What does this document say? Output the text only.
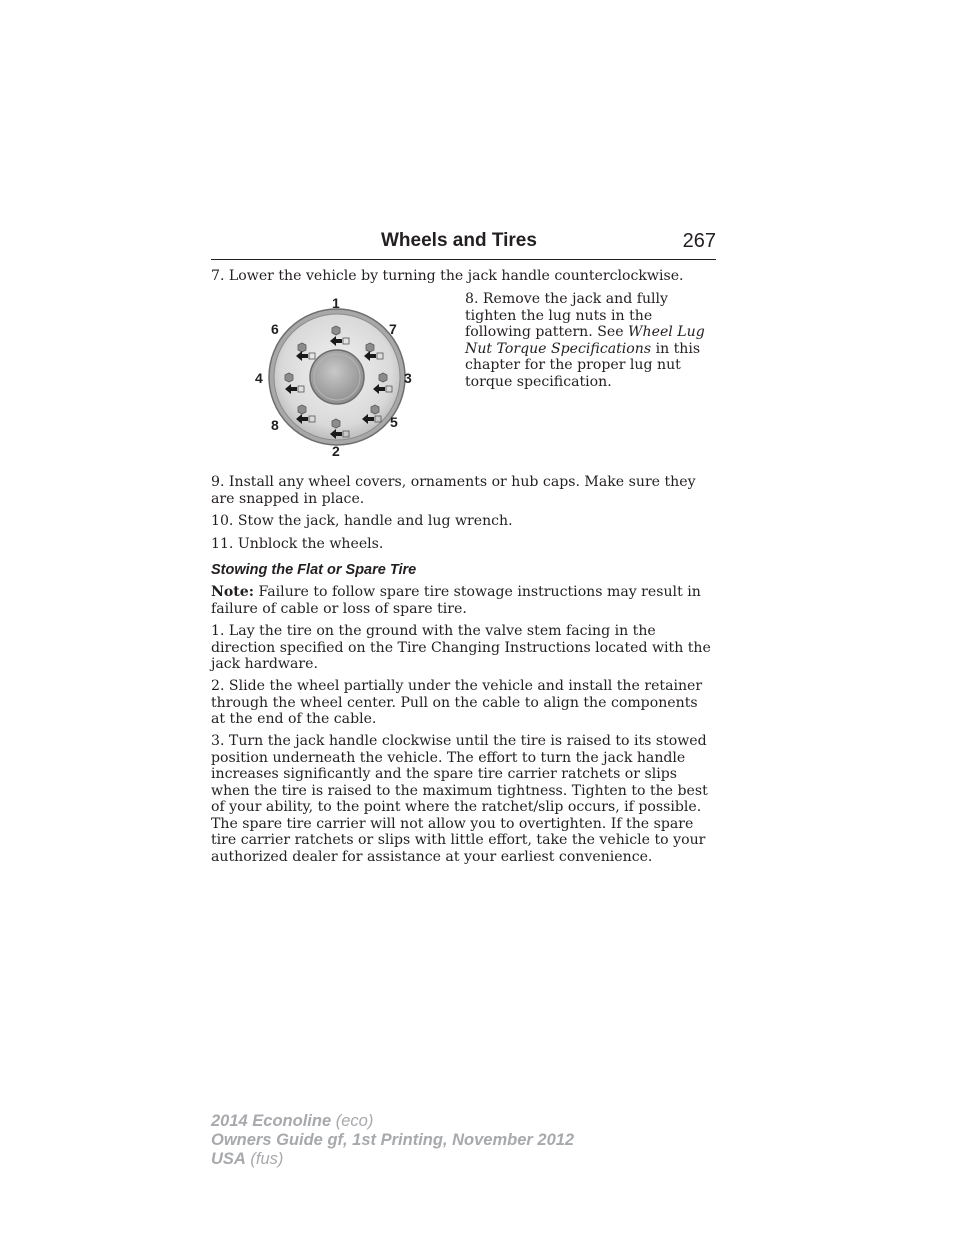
Wheels and Tires	267

7. Lower the vehicle by turning the jack handle counterclockwise.

1
2
3
4
5
6	7
8

8. Remove the jack and fully tighten the lug nuts in the following pattern. See Wheel Lug Nut Torque Specifications in this chapter for the proper lug nut torque specification.

9. Install any wheel covers, ornaments or hub caps. Make sure they are snapped in place.

10. Stow the jack, handle and lug wrench.

11. Unblock the wheels.

Stowing the Flat or Spare Tire

Note: Failure to follow spare tire stowage instructions may result in failure of cable or loss of spare tire.

1. Lay the tire on the ground with the valve stem facing in the direction specified on the Tire Changing Instructions located with the jack hardware.

2. Slide the wheel partially under the vehicle and install the retainer through the wheel center. Pull on the cable to align the components at the end of the cable.

3. Turn the jack handle clockwise until the tire is raised to its stowed position underneath the vehicle. The effort to turn the jack handle increases significantly and the spare tire carrier ratchets or slips when the tire is raised to the maximum tightness. Tighten to the best of your ability, to the point where the ratchet/slip occurs, if possible. The spare tire carrier will not allow you to overtighten. If the spare tire carrier ratchets or slips with little effort, take the vehicle to your authorized dealer for assistance at your earliest convenience.

2014 Econoline (eco)
Owners Guide gf, 1st Printing, November 2012
USA (fus)
